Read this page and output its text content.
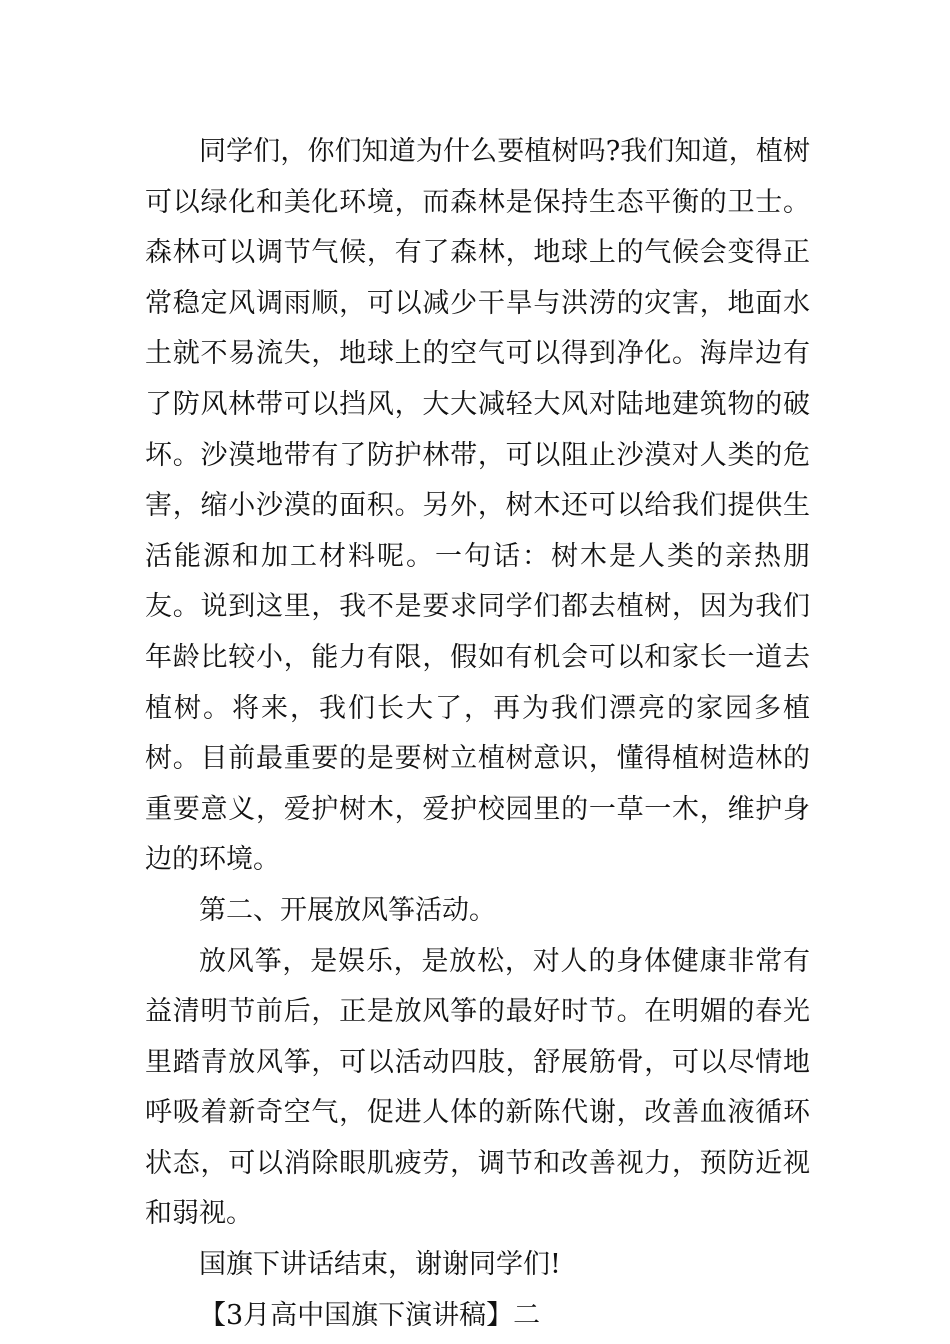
同学们，你们知道为什么要植树吗?我们知道，植树可以绿化和美化环境，而森林是保持生态平衡的卫士。森林可以调节气候，有了森林，地球上的气候会变得正常稳定风调雨顺，可以减少干旱与洪涝的灾害，地面水土就不易流失，地球上的空气可以得到净化。海岸边有了防风林带可以挡风，大大减轻大风对陆地建筑物的破坏。沙漠地带有了防护林带，可以阻止沙漠对人类的危害，缩小沙漠的面积。另外，树木还可以给我们提供生活能源和加工材料呢。一句话：树木是人类的亲热朋友。说到这里，我不是要求同学们都去植树，因为我们年龄比较小，能力有限，假如有机会可以和家长一道去植树。将来，我们长大了，再为我们漂亮的家园多植树。目前最重要的是要树立植树意识，懂得植树造林的重要意义，爱护树木，爱护校园里的一草一木，维护身边的环境。

第二、开展放风筝活动。

放风筝，是娱乐，是放松，对人的身体健康非常有益清明节前后，正是放风筝的最好时节。在明媚的春光里踏青放风筝，可以活动四肢，舒展筋骨，可以尽情地呼吸着新奇空气，促进人体的新陈代谢，改善血液循环状态，可以消除眼肌疲劳，调节和改善视力，预防近视和弱视。

国旗下讲话结束，谢谢同学们!

【3月高中国旗下演讲稿】二
